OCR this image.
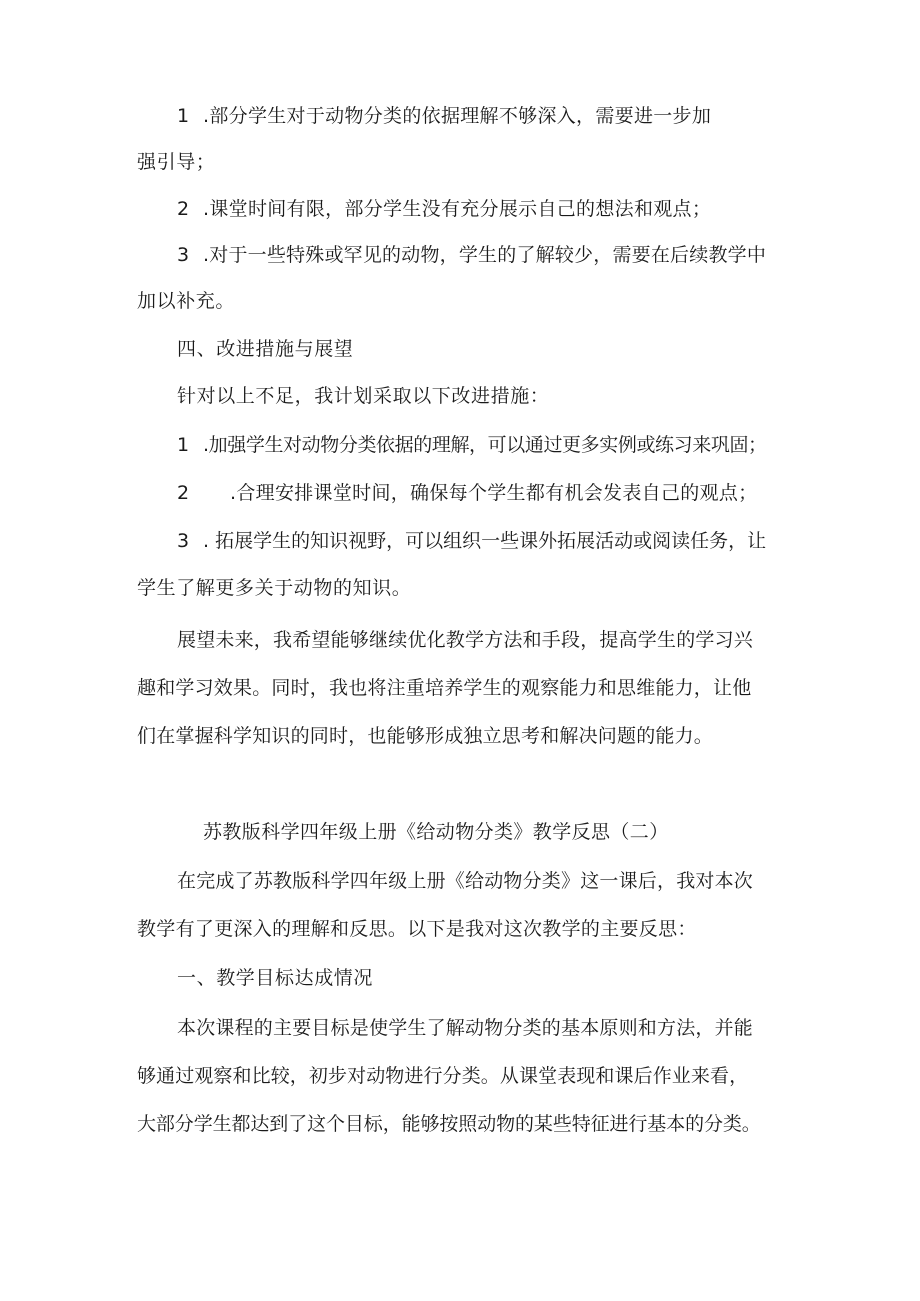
1 .部分学生对于动物分类的依据理解不够深入，需要进一步加
强引导；
2 .课堂时间有限，部分学生没有充分展示自己的想法和观点；
3 .对于一些特殊或罕见的动物，学生的了解较少，需要在后续教学中
加以补充。
四、改进措施与展望
针对以上不足，我计划采取以下改进措施：
1 .加强学生对动物分类依据的理解，可以通过更多实例或练习来巩固；
2 .合理安排课堂时间，确保每个学生都有机会发表自己的观点；
3 . 拓展学生的知识视野，可以组织一些课外拓展活动或阅读任务，让
学生了解更多关于动物的知识。
展望未来，我希望能够继续优化教学方法和手段，提高学生的学习兴
趣和学习效果。同时，我也将注重培养学生的观察能力和思维能力，让他
们在掌握科学知识的同时，也能够形成独立思考和解决问题的能力。
苏教版科学四年级上册《给动物分类》教学反思（二）
在完成了苏教版科学四年级上册《给动物分类》这一课后，我对本次
教学有了更深入的理解和反思。以下是我对这次教学的主要反思：
一、教学目标达成情况
本次课程的主要目标是使学生了解动物分类的基本原则和方法，并能
够通过观察和比较，初步对动物进行分类。从课堂表现和课后作业来看，
大部分学生都达到了这个目标，能够按照动物的某些特征进行基本的分类。
